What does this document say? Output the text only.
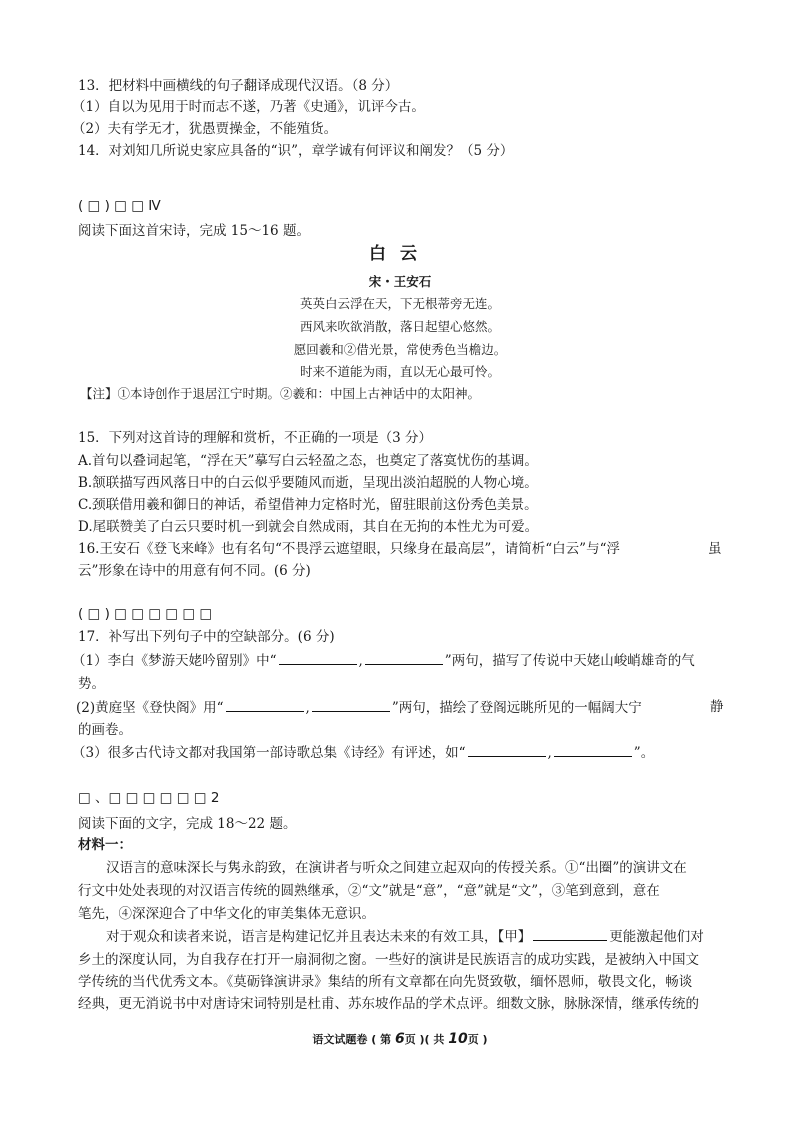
13．把材料中画横线的句子翻译成现代汉语。（8 分）
（1）自以为见用于时而志不遂，乃著《史通》，讥评今古。
（2）夫有学无才，犹愚贾操金，不能殖货。
14．对刘知几所说史家应具备的“识”，章学诚有何评议和阐发？（5 分）
( □ ) □ □ Ⅳ
阅读下面这首宋诗，完成 15～16 题。
白云
宋・王安石
英英白云浮在天，下无根蒂旁无连。
西风来吹欲消散，落日起望心悠然。
愿回羲和②借光景，常使秀色当檐边。
时来不道能为雨，直以无心最可怜。
【注】①本诗创作于退居江宁时期。②羲和：中国上古神话中的太阳神。
15．下列对这首诗的理解和赏析，不正确的一项是（3 分）
A.首句以叠词起笔，“浮在天”摹写白云轻盈之态，也奠定了落寞忧伤的基调。
B.颔联描写西风落日中的白云似乎要随风而逝，呈现出淡泊超脱的人物心境。
C.颈联借用羲和御日的神话，希望借神力定格时光，留驻眼前这份秀色美景。
D.尾联赞美了白云只要时机一到就会自然成雨，其自在无拘的本性尤为可爱。
16.王安石《登飞来峰》也有名句“不畏浮云遮望眼，只缘身在最高层”，请简析“白云”与“浮	虽
云”形象在诗中的用意有何不同。(6 分)
( □ ) □ □ □ □ □ □
17．补写出下列句子中的空缺部分。(6 分)
（1）李白《梦游天姥吟留别》中“	,	”两句，描写了传说中天姥山峻峭雄奇的气
势。
(2)黄庭坚《登快阁》用“	,	”两句，描绘了登阁远眺所见的一幅阔大宁	静
的画卷。
（3）很多古代诗文都对我国第一部诗歌总集《诗经》有评述，如“	,	”。
□ 、□ □ □ □ □ □ 2
阅读下面的文字，完成 18～22 题。
材料一：
汉语言的意味深长与隽永韵致，在演讲者与听众之间建立起双向的传授关系。①“出圈”的演讲文在
行文中处处表现的对汉语言传统的圆熟继承，②“文”就是“意”，“意”就是“文”，③笔到意到，意在
笔先，④深深迎合了中华文化的审美集体无意识。
对于观众和读者来说，语言是构建记忆并且表达未来的有效工具，【甲】	更能激起他们对
乡土的深度认同，为自我存在打开一扇洞彻之窗。一些好的演讲是民族语言的成功实践，是被纳入中国文
学传统的当代优秀文本。《莫砺锋演讲录》集结的所有文章都在向先贤致敬，缅怀恩师，敬畏文化，畅谈
经典，更无消说书中对唐诗宋词特别是杜甫、苏东坡作品的学术点评。细数文脉，脉脉深情，继承传统的
语文试题卷 ( 第 6页 )( 共 10页 )
